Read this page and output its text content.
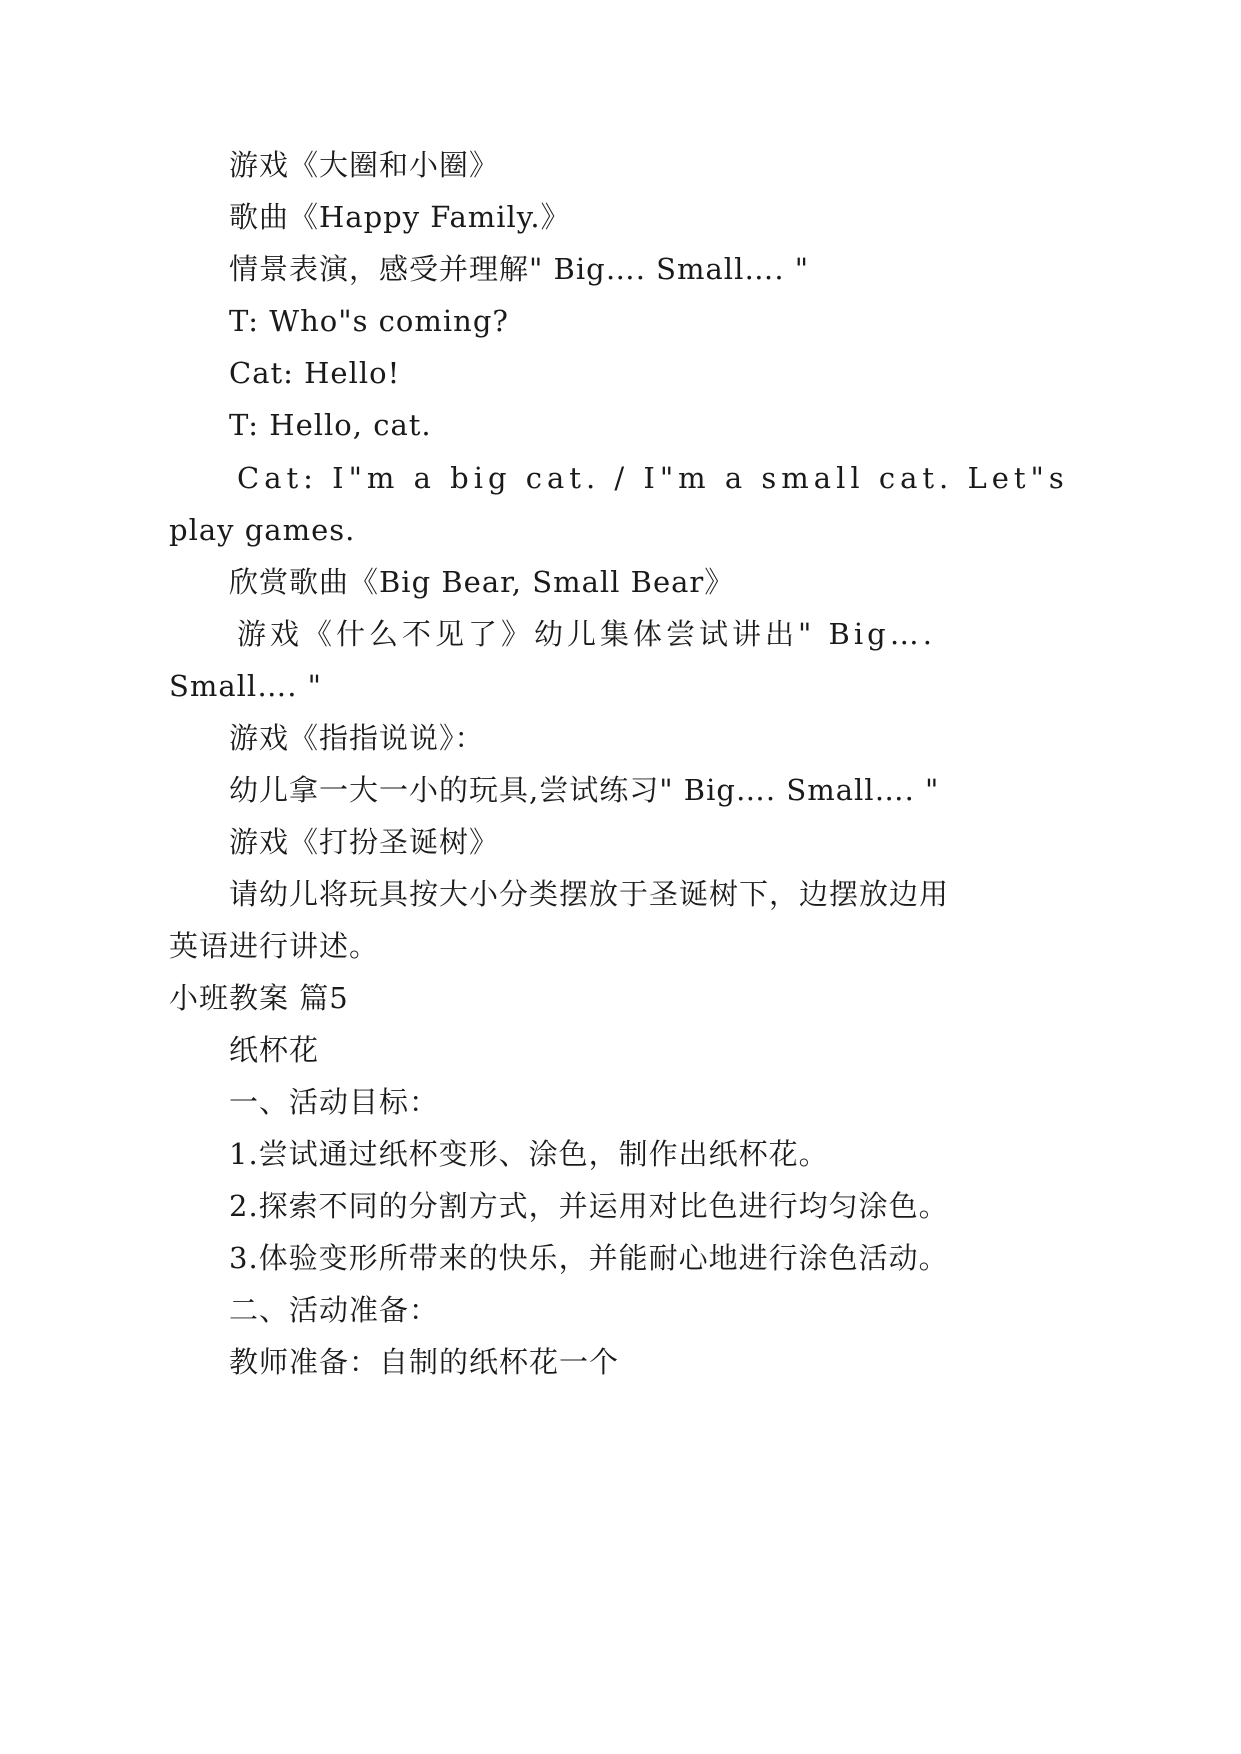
游戏《大圈和小圈》
歌曲《Happy Family.》
情景表演，感受并理解" Big…. Small…. "
T: Who"s coming?
Cat: Hello!
T: Hello, cat.
Cat: I"m a big cat. / I"m a small cat. Let"s
play games.
欣赏歌曲《Big Bear, Small Bear》
游戏《什么不见了》幼儿集体尝试讲出" Big….
Small…. "
游戏《指指说说》：
幼儿拿一大一小的玩具,尝试练习" Big…. Small…. "
游戏《打扮圣诞树》
请幼儿将玩具按大小分类摆放于圣诞树下，边摆放边用
英语进行讲述。
小班教案 篇5
纸杯花
一、活动目标：
1.尝试通过纸杯变形、涂色，制作出纸杯花。
2.探索不同的分割方式，并运用对比色进行均匀涂色。
3.体验变形所带来的快乐，并能耐心地进行涂色活动。
二、活动准备：
教师准备：自制的纸杯花一个
